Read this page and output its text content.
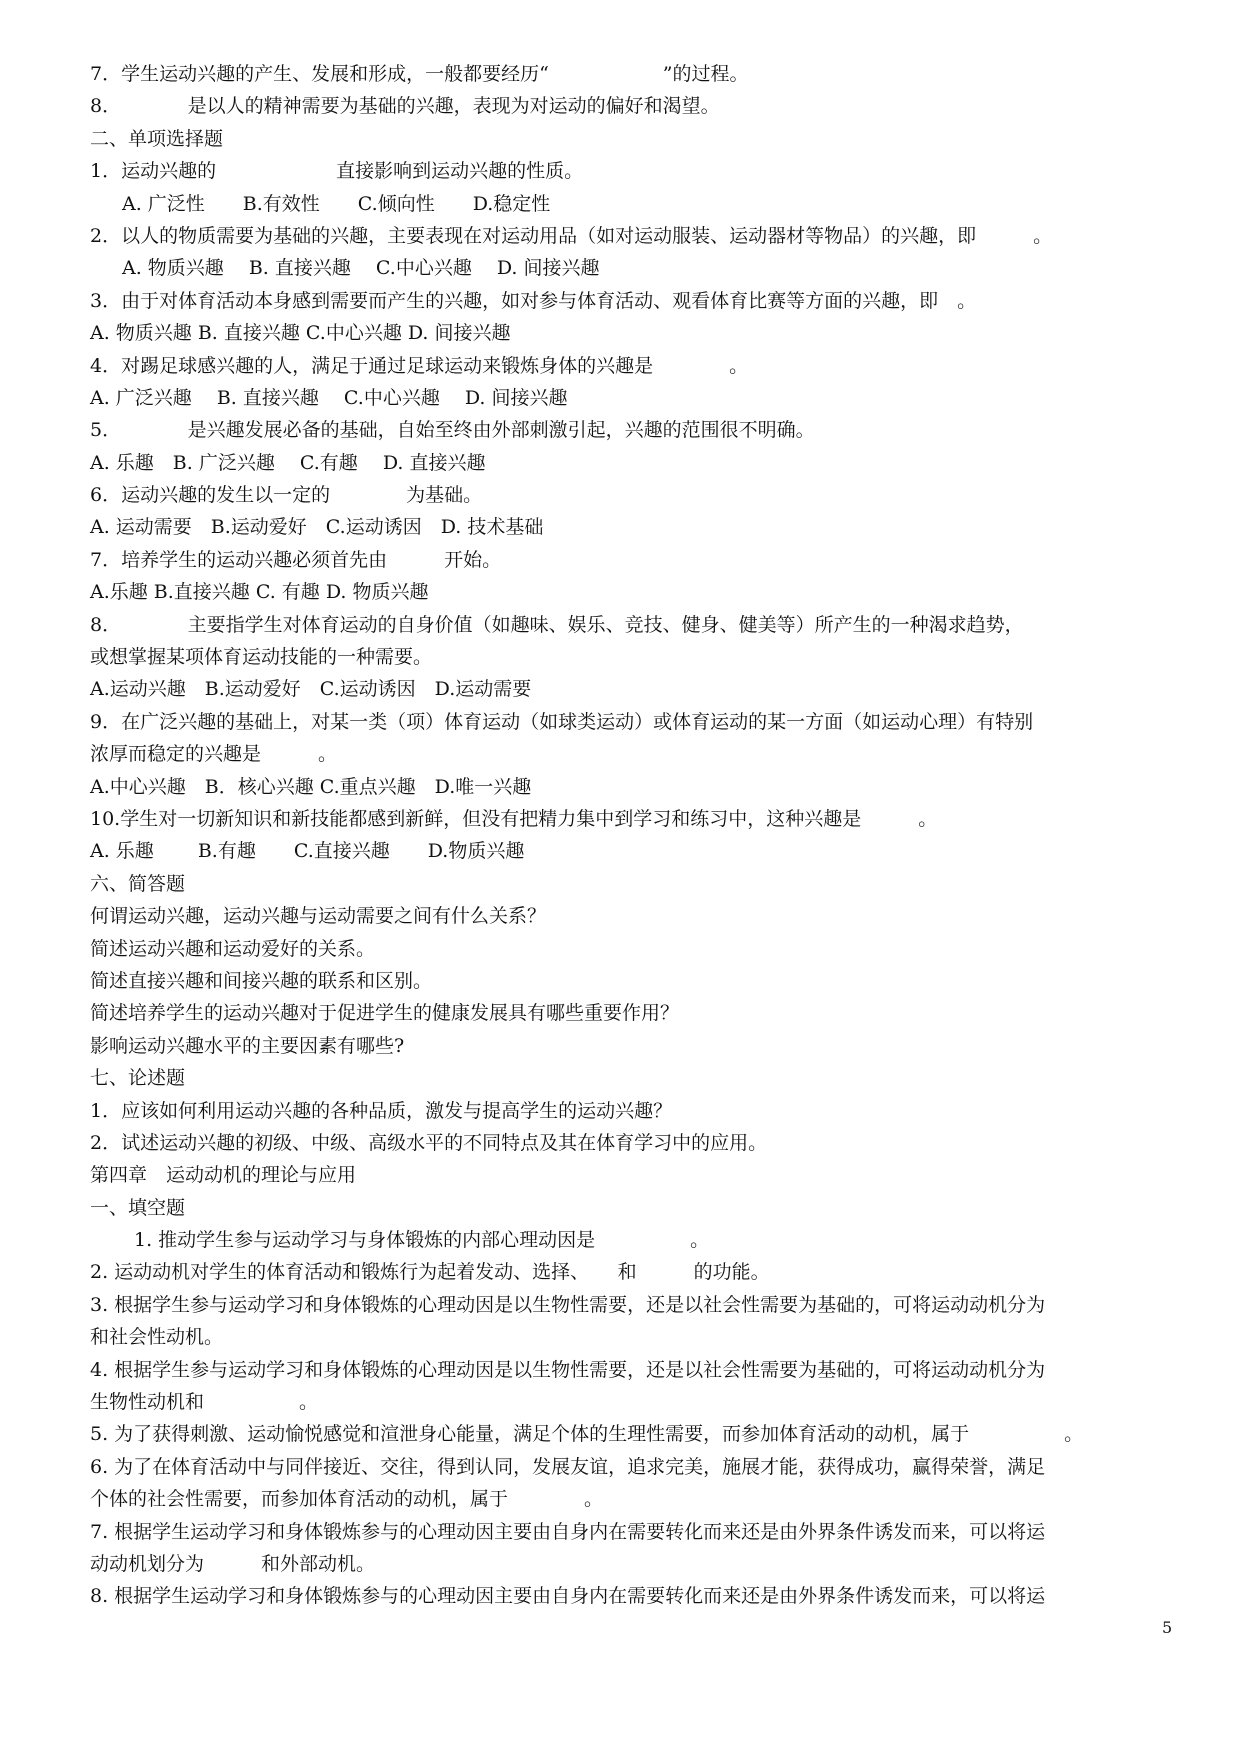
7．学生运动兴趣的产生、发展和形成，一般都要经历“　　　　　　”的过程。
8．　　　　是以人的精神需要为基础的兴趣，表现为对运动的偏好和渴望。
二、单项选择题
1．运动兴趣的　　　　　　 直接影响到运动兴趣的性质。
A. 广泛性　　B.有效性　　C.倾向性　　D.稳定性
2．以人的物质需要为基础的兴趣，主要表现在对运动用品（如对运动服装、运动器材等物品）的兴趣，即　　　。
A. 物质兴趣　 B. 直接兴趣　 C.中心兴趣　 D. 间接兴趣
3．由于对体育活动本身感到需要而产生的兴趣，如对参与体育活动、观看体育比赛等方面的兴趣，即　。
A. 物质兴趣 B. 直接兴趣 C.中心兴趣 D. 间接兴趣
4．对踢足球感兴趣的人，满足于通过足球运动来锻炼身体的兴趣是　　　　。
A. 广泛兴趣　 B. 直接兴趣　 C.中心兴趣　 D. 间接兴趣
5．　　　　是兴趣发展必备的基础，自始至终由外部刺激引起，兴趣的范围很不明确。
A. 乐趣　B. 广泛兴趣　 C.有趣　 D. 直接兴趣
6．运动兴趣的发生以一定的　　　　为基础。
A. 运动需要　B.运动爱好　C.运动诱因　D. 技术基础
7．培养学生的运动兴趣必须首先由　　　开始。
A.乐趣 B.直接兴趣 C. 有趣 D. 物质兴趣
8．　　　　主要指学生对体育运动的自身价值（如趣味、娱乐、竞技、健身、健美等）所产生的一种渴求趋势，
或想掌握某项体育运动技能的一种需要。
A.运动兴趣　B.运动爱好　C.运动诱因　D.运动需要
9．在广泛兴趣的基础上，对某一类（项）体育运动（如球类运动）或体育运动的某一方面（如运动心理）有特别
浓厚而稳定的兴趣是　　　。
A.中心兴趣　B．核心兴趣 C.重点兴趣　D.唯一兴趣
10.学生对一切新知识和新技能都感到新鲜，但没有把精力集中到学习和练习中，这种兴趣是　　　。
A. 乐趣　　 B.有趣　　C.直接兴趣　　D.物质兴趣
六、简答题
何谓运动兴趣，运动兴趣与运动需要之间有什么关系？
简述运动兴趣和运动爱好的关系。
简述直接兴趣和间接兴趣的联系和区别。
简述培养学生的运动兴趣对于促进学生的健康发展具有哪些重要作用？
影响运动兴趣水平的主要因素有哪些?
七、论述题
1．应该如何利用运动兴趣的各种品质，激发与提高学生的运动兴趣？
2．试述运动兴趣的初级、中级、高级水平的不同特点及其在体育学习中的应用。
第四章　运动动机的理论与应用
一、填空题
1. 推动学生参与运动学习与身体锻炼的内部心理动因是　　　　　。
2. 运动动机对学生的体育活动和锻炼行为起着发动、选择、　　和　　　的功能。
3. 根据学生参与运动学习和身体锻炼的心理动因是以生物性需要，还是以社会性需要为基础的，可将运动动机分为
和社会性动机。
4. 根据学生参与运动学习和身体锻炼的心理动因是以生物性需要，还是以社会性需要为基础的，可将运动动机分为
生物性动机和　　　　　。
5. 为了获得刺激、运动愉悦感觉和渲泄身心能量，满足个体的生理性需要，而参加体育活动的动机，属于　　　　　。
6. 为了在体育活动中与同伴接近、交往，得到认同，发展友谊，追求完美，施展才能，获得成功，赢得荣誉，满足
个体的社会性需要，而参加体育活动的动机，属于　　　　。
7. 根据学生运动学习和身体锻炼参与的心理动因主要由自身内在需要转化而来还是由外界条件诱发而来，可以将运
动动机划分为　　　和外部动机。
8. 根据学生运动学习和身体锻炼参与的心理动因主要由自身内在需要转化而来还是由外界条件诱发而来，可以将运
5
